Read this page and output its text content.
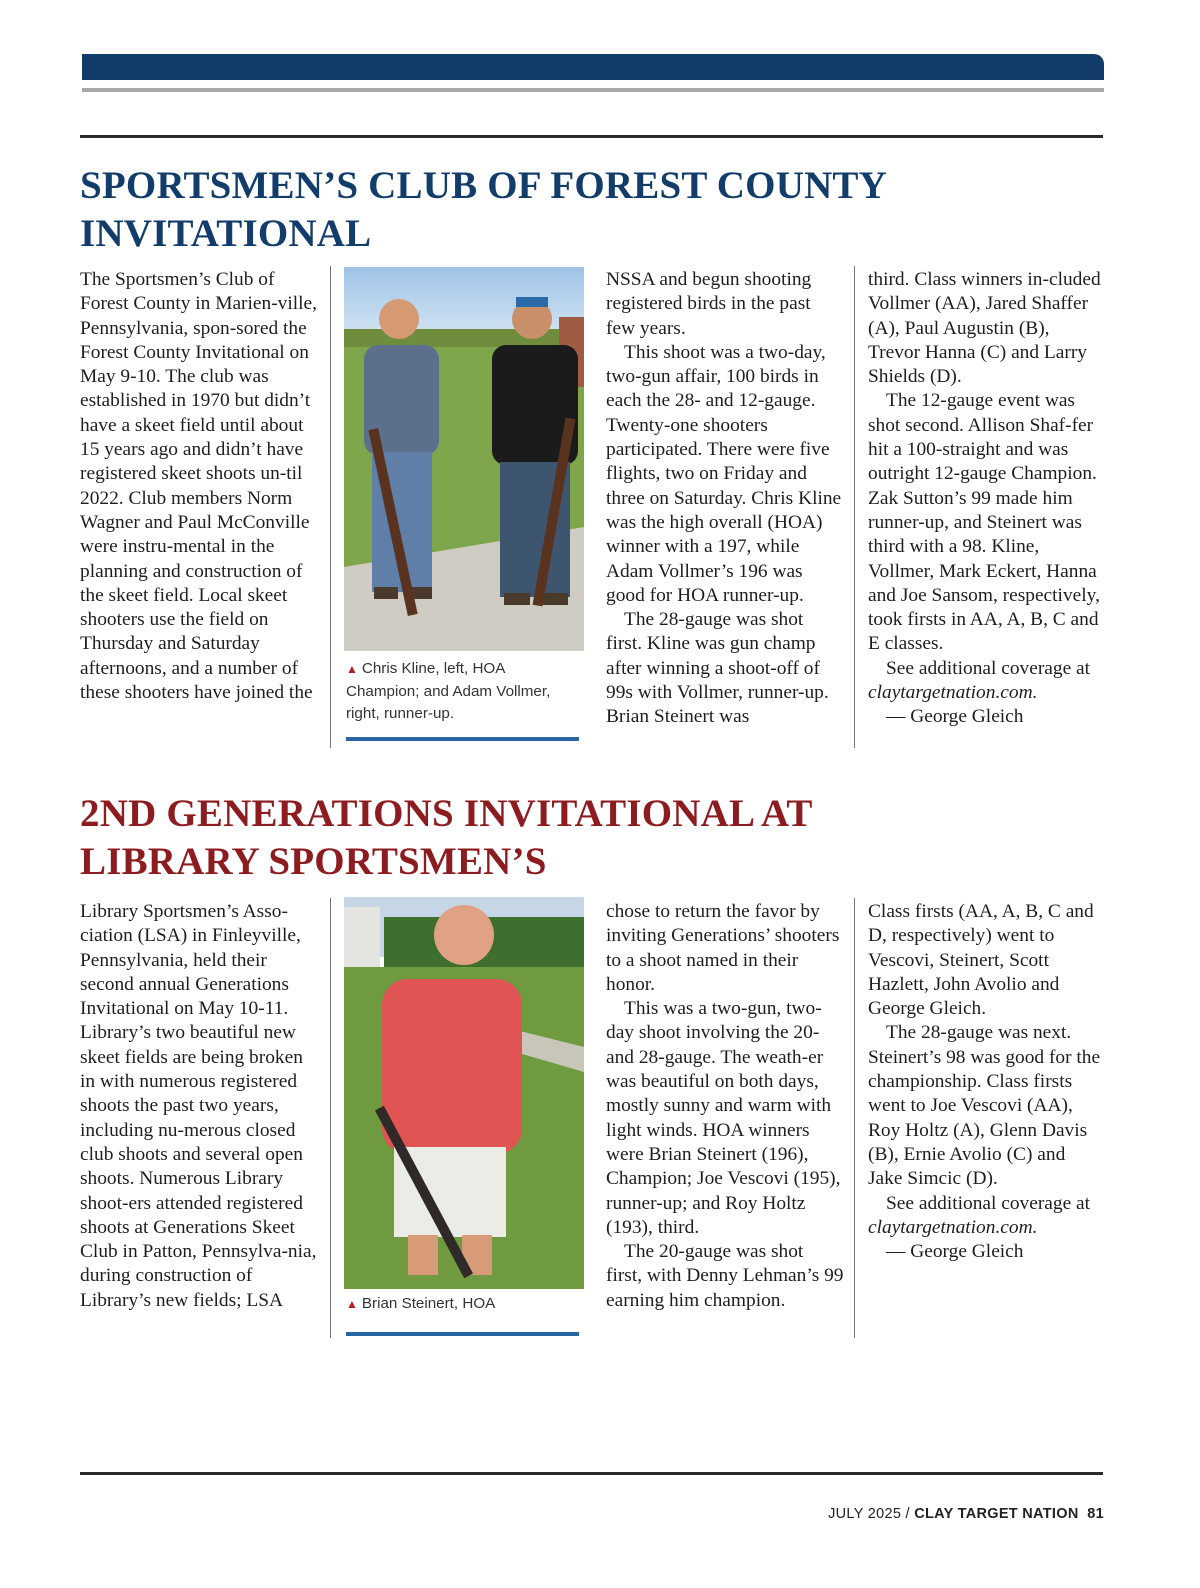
SPORTSMEN’S CLUB OF FOREST COUNTY
INVITATIONAL

The Sportsmen’s Club of Forest County in Marien-ville, Pennsylvania, spon-sored the Forest County Invitational on May 9-10. The club was established in 1970 but didn’t have a skeet field until about 15 years ago and didn’t have registered skeet shoots un-til 2022. Club members Norm Wagner and Paul McConville were instru-mental in the planning and construction of the skeet field. Local skeet shooters use the field on Thursday and Saturday afternoons, and a number of these shooters have joined the

▲ Chris Kline, left, HOA Champion; and Adam Vollmer, right, runner-up.

NSSA and begun shooting registered birds in the past few years.

This shoot was a two-day, two-gun affair, 100 birds in each the 28- and 12-gauge. Twenty-one shooters participated. There were five flights, two on Friday and three on Saturday. Chris Kline was the high overall (HOA) winner with a 197, while Adam Vollmer’s 196 was good for HOA runner-up.

The 28-gauge was shot first. Kline was gun champ after winning a shoot-off of 99s with Vollmer, runner-up. Brian Steinert was

third. Class winners in-cluded Vollmer (AA), Jared Shaffer (A), Paul Augustin (B), Trevor Hanna (C) and Larry Shields (D).

The 12-gauge event was shot second. Allison Shaf-fer hit a 100-straight and was outright 12-gauge Champion. Zak Sutton’s 99 made him runner-up, and Steinert was third with a 98. Kline, Vollmer, Mark Eckert, Hanna and Joe Sansom, respectively, took firsts in AA, A, B, C and E classes.

See additional coverage at claytargetnation.com.

— George Gleich

2ND GENERATIONS INVITATIONAL AT
LIBRARY SPORTSMEN’S

Library Sportsmen’s Asso-ciation (LSA) in Finleyville, Pennsylvania, held their second annual Generations Invitational on May 10-11. Library’s two beautiful new skeet fields are being broken in with numerous registered shoots the past two years, including nu-merous closed club shoots and several open shoots. Numerous Library shoot-ers attended registered shoots at Generations Skeet Club in Patton, Pennsylva-nia, during construction of Library’s new fields; LSA	▲ Brian Steinert, HOA

chose to return the favor by inviting Generations’ shooters to a shoot named in their honor.

This was a two-gun, two-day shoot involving the 20- and 28-gauge. The weath-er was beautiful on both days, mostly sunny and warm with light winds. HOA winners were Brian Steinert (196), Champion; Joe Vescovi (195), runner-up; and Roy Holtz (193), third.

The 20-gauge was shot first, with Denny Lehman’s 99 earning him champion.

Class firsts (AA, A, B, C and D, respectively) went to Vescovi, Steinert, Scott Hazlett, John Avolio and George Gleich.

The 28-gauge was next. Steinert’s 98 was good for the championship. Class firsts went to Joe Vescovi (AA), Roy Holtz (A), Glenn Davis (B), Ernie Avolio (C) and Jake Simcic (D).

See additional coverage at claytargetnation.com.

— George Gleich

JULY 2025 / CLAY TARGET NATION 81
